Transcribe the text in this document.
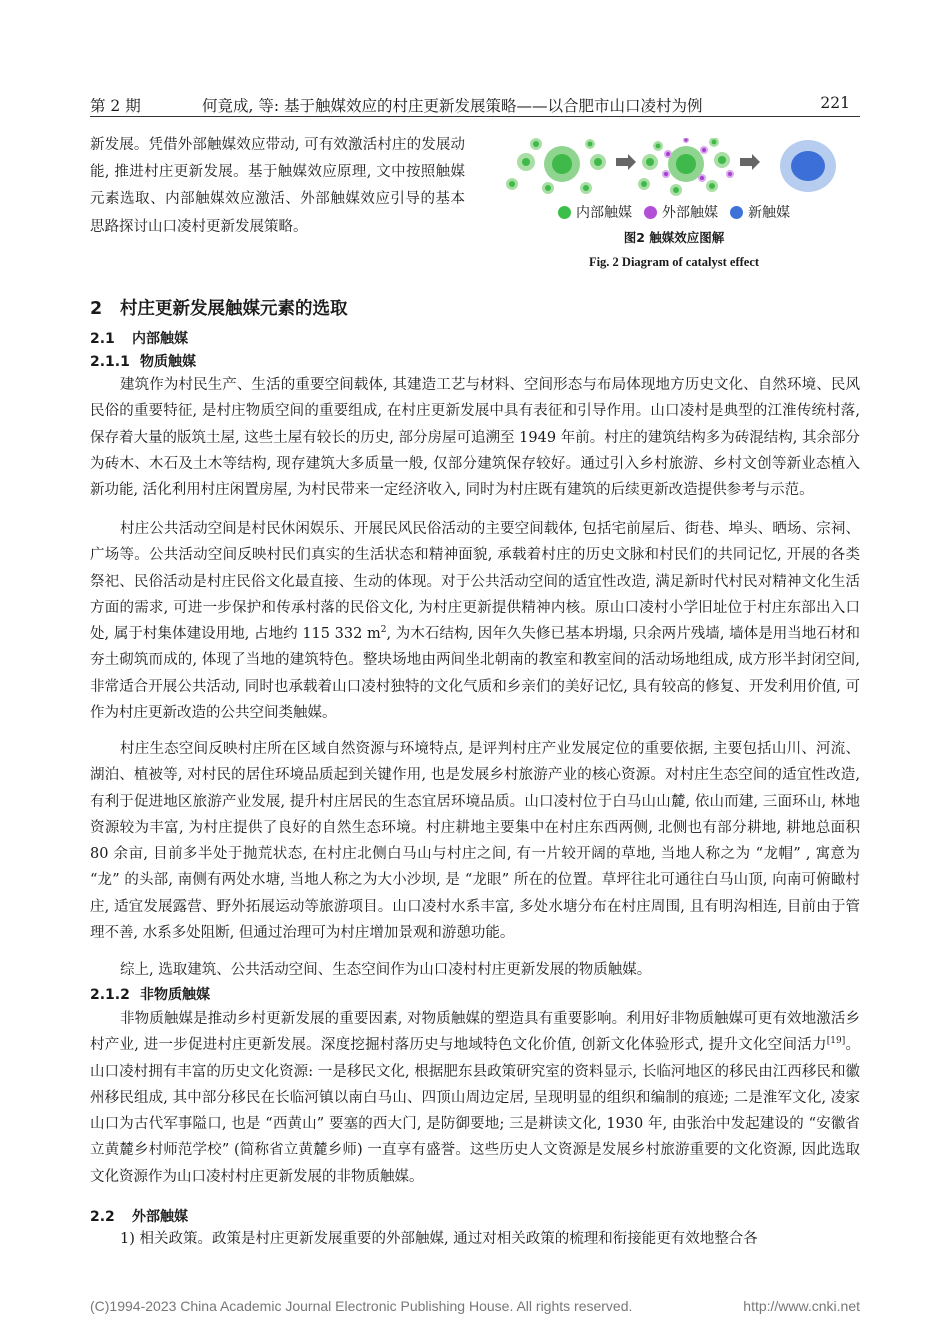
第 2 期	何竟成, 等: 基于触媒效应的村庄更新发展策略——以合肥市山口凌村为例	221

新发展。凭借外部触媒效应带动, 可有效激活村庄的发展动能, 推进村庄更新发展。基于触媒效应原理, 文中按照触媒元素选取、内部触媒效应激活、外部触媒效应引导的基本思路探讨山口凌村更新发展策略。

内部触媒 外部触媒 新触媒
图2 触媒效应图解
Fig. 2 Diagram of catalyst effect
2 村庄更新发展触媒元素的选取
2.1 内部触媒
2.1.1 物质触媒

建筑作为村民生产、生活的重要空间载体, 其建造工艺与材料、空间形态与布局体现地方历史文化、自然环境、民风民俗的重要特征, 是村庄物质空间的重要组成, 在村庄更新发展中具有表征和引导作用。山口凌村是典型的江淮传统村落, 保存着大量的版筑土屋, 这些土屋有较长的历史, 部分房屋可追溯至 1949 年前。村庄的建筑结构多为砖混结构, 其余部分为砖木、木石及土木等结构, 现存建筑大多质量一般, 仅部分建筑保存较好。通过引入乡村旅游、乡村文创等新业态植入新功能, 活化利用村庄闲置房屋, 为村民带来一定经济收入, 同时为村庄既有建筑的后续更新改造提供参考与示范。

村庄公共活动空间是村民休闲娱乐、开展民风民俗活动的主要空间载体, 包括宅前屋后、街巷、埠头、晒场、宗祠、广场等。公共活动空间反映村民们真实的生活状态和精神面貌, 承载着村庄的历史文脉和村民们的共同记忆, 开展的各类祭祀、民俗活动是村庄民俗文化最直接、生动的体现。对于公共活动空间的适宜性改造, 满足新时代村民对精神文化生活方面的需求, 可进一步保护和传承村落的民俗文化, 为村庄更新提供精神内核。原山口凌村小学旧址位于村庄东部出入口处, 属于村集体建设用地, 占地约 115 332 $m^2$, 为木石结构, 因年久失修已基本坍塌, 只余两片残墙, 墙体是用当地石材和夯土砌筑而成的, 体现了当地的建筑特色。整块场地由两间坐北朝南的教室和教室间的活动场地组成, 成方形半封闭空间, 非常适合开展公共活动, 同时也承载着山口凌村独特的文化气质和乡亲们的美好记忆, 具有较高的修复、开发利用价值, 可作为村庄更新改造的公共空间类触媒。

村庄生态空间反映村庄所在区域自然资源与环境特点, 是评判村庄产业发展定位的重要依据, 主要包括山川、河流、湖泊、植被等, 对村民的居住环境品质起到关键作用, 也是发展乡村旅游产业的核心资源。对村庄生态空间的适宜性改造, 有利于促进地区旅游产业发展, 提升村庄居民的生态宜居环境品质。山口凌村位于白马山山麓, 依山而建, 三面环山, 林地资源较为丰富, 为村庄提供了良好的自然生态环境。村庄耕地主要集中在村庄东西两侧, 北侧也有部分耕地, 耕地总面积 80 余亩, 目前多半处于抛荒状态, 在村庄北侧白马山与村庄之间, 有一片较开阔的草地, 当地人称之为 “龙帽” , 寓意为 “龙” 的头部, 南侧有两处水塘, 当地人称之为大小沙坝, 是 “龙眼” 所在的位置。草坪往北可通往白马山顶, 向南可俯瞰村庄, 适宜发展露营、野外拓展运动等旅游项目。山口凌村水系丰富, 多处水塘分布在村庄周围, 且有明沟相连, 目前由于管理不善, 水系多处阻断, 但通过治理可为村庄增加景观和游憩功能。

综上, 选取建筑、公共活动空间、生态空间作为山口凌村村庄更新发展的物质触媒。

2.1.2 非物质触媒

非物质触媒是推动乡村更新发展的重要因素, 对物质触媒的塑造具有重要影响。利用好非物质触媒可更有效地激活乡村产业, 进一步促进村庄更新发展。深度挖掘村落历史与地域特色文化价值, 创新文化体验形式, 提升文化空间活力[19]。山口凌村拥有丰富的历史文化资源: 一是移民文化, 根据肥东县政策研究室的资料显示, 长临河地区的移民由江西移民和徽州移民组成, 其中部分移民在长临河镇以南白马山、四顶山周边定居, 呈现明显的组织和编制的痕迹; 二是淮军文化, 凌家山口为古代军事隘口, 也是 “西黄山” 要塞的西大门, 是防御要地; 三是耕读文化, 1930 年, 由张治中发起建设的 “安徽省立黄麓乡村师范学校” (简称省立黄麓乡师) 一直享有盛誉。这些历史人文资源是发展乡村旅游重要的文化资源, 因此选取文化资源作为山口凌村村庄更新发展的非物质触媒。

2.2 外部触媒

1) 相关政策。政策是村庄更新发展重要的外部触媒, 通过对相关政策的梳理和衔接能更有效地整合各

(C)1994-2023 China Academic Journal Electronic Publishing House. All rights reserved.	http://www.cnki.net
